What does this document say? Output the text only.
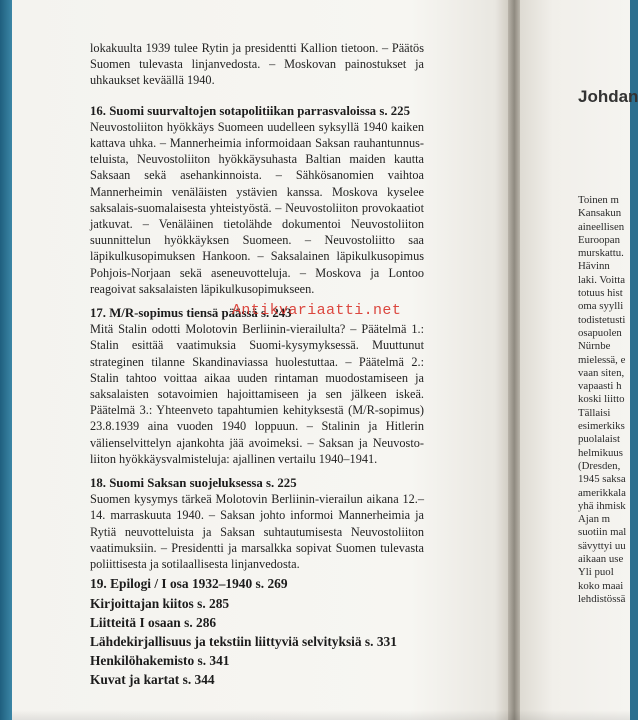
Johdan
Toinen m
Kansakun
aineellisen
Euroopan
murskattu.
Hävinn
laki. Voitta
totuus hist
oma syylli
todistetusti
osapuolen
Nürnbe
mielessä, e
vaan siten,
vapaasti h
koski liitto
Tällaisi
esimerkiks
puolalaist
helmikuus
(Dresden,
1945 saksa
amerikkala
yhä ihmisk
Ajan m
suotiin mal
sävyttyi uu
aikaan use
Yli puol
koko maai
lehdistössä

lokakuulta 1939 tulee Rytin ja presidentti Kallion tietoon. – Päätös Suomen tulevasta linjanvedosta. – Moskovan painostukset ja uhkaukset keväällä 1940.

16. Suomi suurvaltojen sotapolitiikan parrasvaloissa s. 225

Neuvostoliiton hyökkäys Suomeen uudelleen syksyllä 1940 kaiken kattava uhka. – Mannerheimia informoidaan Saksan rauhantunnus-teluista, Neuvostoliiton hyökkäysuhasta Baltian maiden kautta Saksaan sekä asehankinnoista. – Sähkösanomien vaihtoa Mannerheimin venäläisten ystävien kanssa. Moskova kyselee saksalais-suomalaisesta yhteistyöstä. – Neuvostoliiton provokaatiot jatkuvat. – Venäläinen tietolähde dokumentoi Neuvostoliiton suunnittelun hyökkäyksen Suomeen. – Neuvostoliitto saa läpikulkusopimuksen Hankoon. – Saksalainen läpikulkusopimus Pohjois-Norjaan sekä aseneuvotteluja. – Moskova ja Lontoo reagoivat saksalaisten läpikulkusopimukseen.

17. M/R-sopimus tiensä päässä s. 243

Mitä Stalin odotti Molotovin Berliinin-vierailulta? – Päätelmä 1.: Stalin esittää vaatimuksia Suomi-kysymyksessä. Muuttunut strateginen tilanne Skandinaviassa huolestuttaa. – Päätelmä 2.: Stalin tahtoo voittaa aikaa uuden rintaman muodostamiseen ja saksalaisten sotavoimien hajoittamiseen ja sen jälkeen iskeä. Päätelmä 3.: Yhteenveto tapahtumien kehityksestä (M/R-sopimus) 23.8.1939 aina vuoden 1940 loppuun. – Stalinin ja Hitlerin välienselvittelyn ajankohta jää avoimeksi. – Saksan ja Neuvosto-liiton hyökkäysvalmisteluja: ajallinen vertailu 1940–1941.

18. Suomi Saksan suojeluksessa s. 225

Suomen kysymys tärkeä Molotovin Berliinin-vierailun aikana 12.–14. marraskuuta 1940. – Saksan johto informoi Mannerheimia ja Rytiä neuvotteluista ja Saksan suhtautumisesta Neuvostoliiton vaatimuksiin. – Presidentti ja marsalkka sopivat Suomen tulevasta poliittisesta ja sotilaallisesta linjanvedosta.

19. Epilogi / I osa 1932–1940 s. 269
Kirjoittajan kiitos s. 285
Liitteitä I osaan s. 286
Lähdekirjallisuus ja tekstiin liittyviä selvityksiä s. 331
Henkilöhakemisto s. 341
Kuvat ja kartat s. 344
Antikvariaatti.net
